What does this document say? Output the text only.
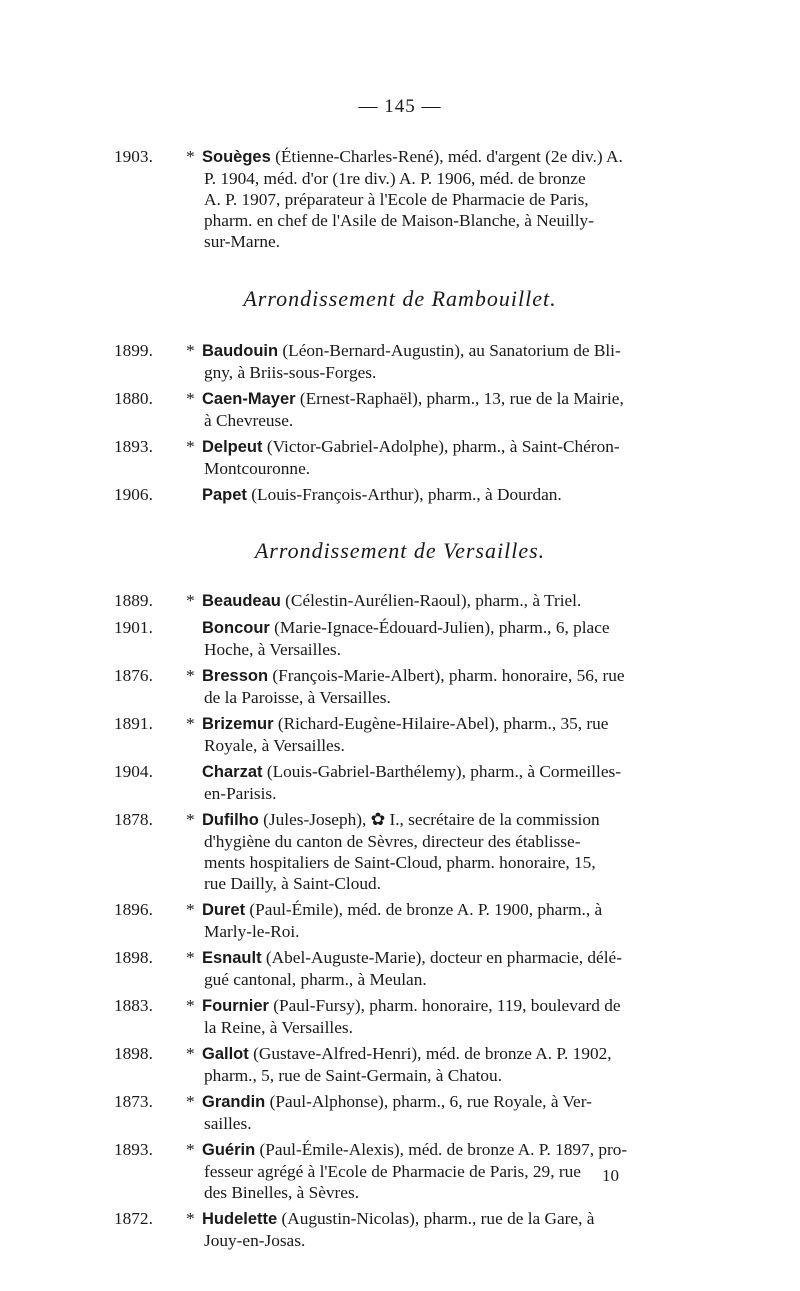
— 145 —
1903.	* Souèges (Étienne-Charles-René), méd. d'argent (2e div.) A.
P. 1904, méd. d'or (1re div.) A. P. 1906, méd. de bronze
A. P. 1907, préparateur à l'Ecole de Pharmacie de Paris,
pharm. en chef de l'Asile de Maison-Blanche, à Neuilly-
sur-Marne.
Arrondissement de Rambouillet.
1899.	* Baudouin (Léon-Bernard-Augustin), au Sanatorium de Bli-
gny, à Briis-sous-Forges.
1880.	* Caen-Mayer (Ernest-Raphaël), pharm., 13, rue de la Mairie,
à Chevreuse.
1893.	* Delpeut (Victor-Gabriel-Adolphe), pharm., à Saint-Chéron-
Montcouronne.
1906.	Papet (Louis-François-Arthur), pharm., à Dourdan.
Arrondissement de Versailles.
1889.	* Beaudeau (Célestin-Aurélien-Raoul), pharm., à Triel.
1901.	Boncour (Marie-Ignace-Édouard-Julien), pharm., 6, place
Hoche, à Versailles.
1876.	* Bresson (François-Marie-Albert), pharm. honoraire, 56, rue
de la Paroisse, à Versailles.
1891.	* Brizemur (Richard-Eugène-Hilaire-Abel), pharm., 35, rue
Royale, à Versailles.
1904.	Charzat (Louis-Gabriel-Barthélemy), pharm., à Cormeilles-
en-Parisis.
1878.	* Dufilho (Jules-Joseph), ✿ I., secrétaire de la commission
d'hygiène du canton de Sèvres, directeur des établisse-
ments hospitaliers de Saint-Cloud, pharm. honoraire, 15,
rue Dailly, à Saint-Cloud.
1896.	* Duret (Paul-Émile), méd. de bronze A. P. 1900, pharm., à
Marly-le-Roi.
1898.	* Esnault (Abel-Auguste-Marie), docteur en pharmacie, délé-
gué cantonal, pharm., à Meulan.
1883.	* Fournier (Paul-Fursy), pharm. honoraire, 119, boulevard de
la Reine, à Versailles.
1898.	* Gallot (Gustave-Alfred-Henri), méd. de bronze A. P. 1902,
pharm., 5, rue de Saint-Germain, à Chatou.
1873.	* Grandin (Paul-Alphonse), pharm., 6, rue Royale, à Ver-
sailles.
1893.	* Guérin (Paul-Émile-Alexis), méd. de bronze A. P. 1897, pro-
fesseur agrégé à l'Ecole de Pharmacie de Paris, 29, rue
des Binelles, à Sèvres.
1872.	* Hudelette (Augustin-Nicolas), pharm., rue de la Gare, à
Jouy-en-Josas.
10
